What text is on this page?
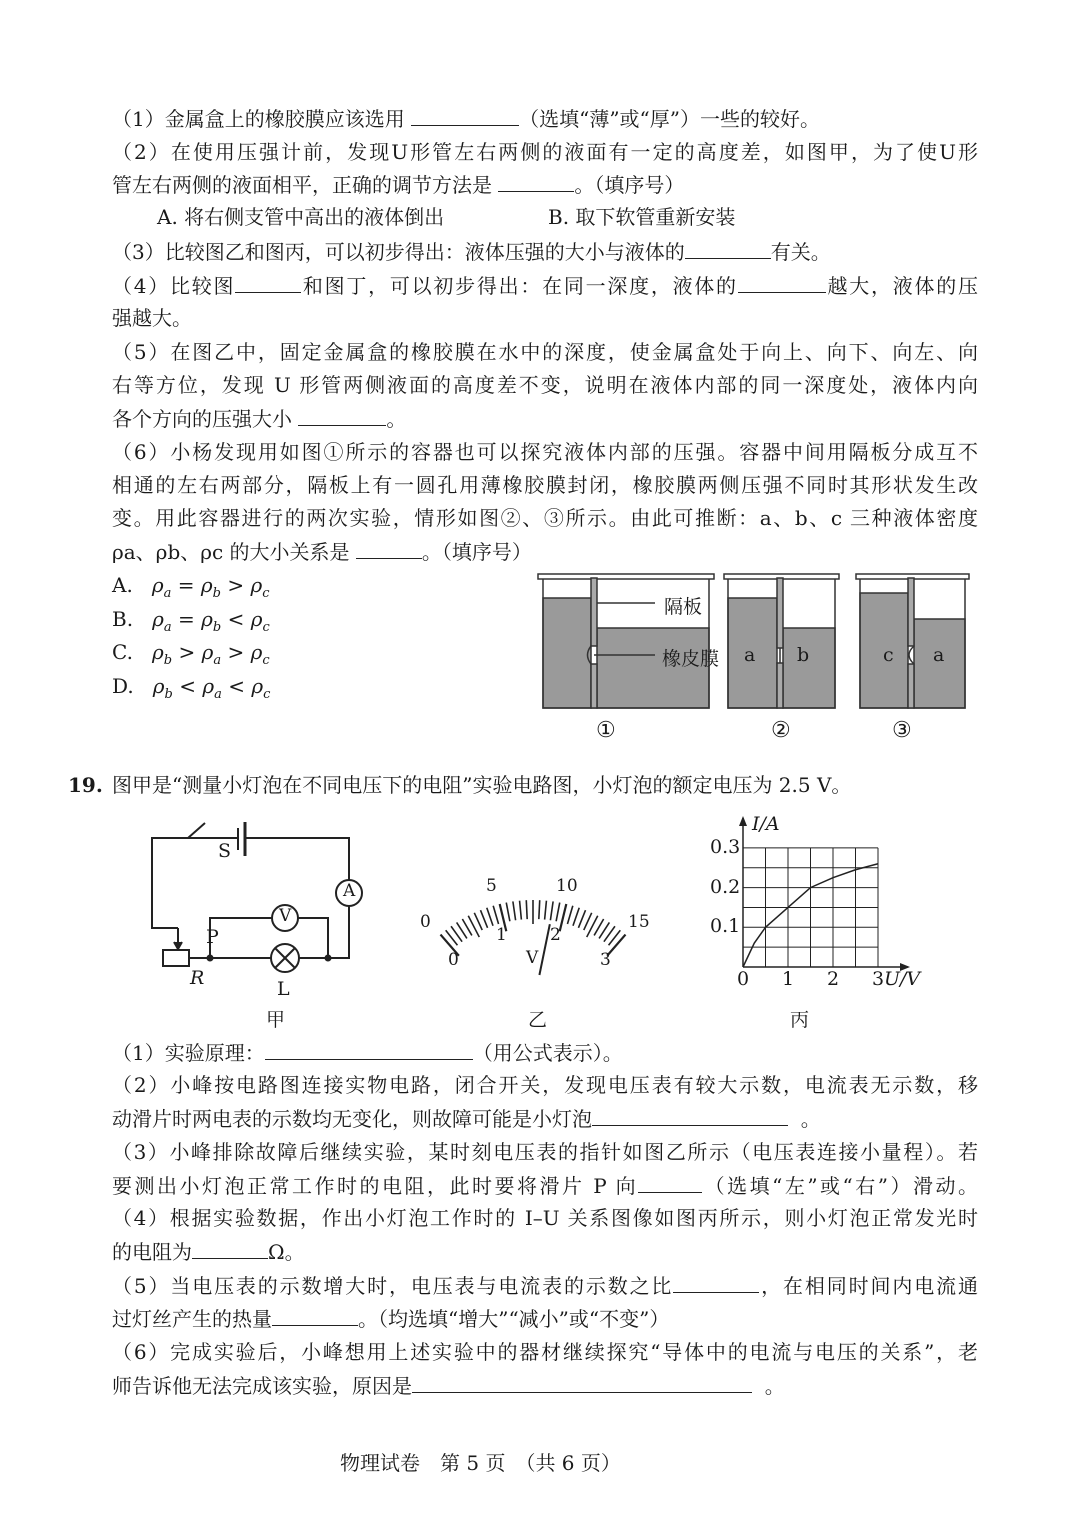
（1）金属盒上的橡胶膜应该选用	（选填“薄”或“厚”）一些的较好。
（2）在使用压强计前，发现U形管左右两侧的液面有一定的高度差，如图甲，为了使U形
管左右两侧的液面相平，正确的调节方法是	。（填序号）
A. 将右侧支管中高出的液体倒出	B. 取下软管重新安装
（3）比较图乙和图丙，可以初步得出：液体压强的大小与液体的	有关。
（4）比较图	和图丁，可以初步得出：在同一深度，液体的	越大，液体的压
强越大。
（5）在图乙中，固定金属盒的橡胶膜在水中的深度，使金属盒处于向上、向下、向左、向
右等方位，发现 U 形管两侧液面的高度差不变，说明在液体内部的同一深度处，液体内向
各个方向的压强大小	。
（6）小杨发现用如图①所示的容器也可以探究液体内部的压强。容器中间用隔板分成互不
相通的左右两部分，隔板上有一圆孔用薄橡胶膜封闭，橡胶膜两侧压强不同时其形状发生改
变。用此容器进行的两次实验，情形如图②、③所示。由此可推断：a、b、c 三种液体密度
ρa、ρb、ρc 的大小关系是	。（填序号）
A. $\rho_a = \rho_b > \rho_c$
B. $\rho_a = \rho_b < \rho_c$
C. $\rho_b > \rho_a > \rho_c$
D. $\rho_b < \rho_a < \rho_c$
隔板
橡皮膜 a b	c a
①	②	③
19. 图甲是“测量小灯泡在不同电压下的电阻”实验电路图，小灯泡的额定电压为 2.5 V。
S
A
V
P
R	L
甲
0
5	10
15
0
1	2
3
V
乙
0.1
0.2
0.3
0 1 2 3
I/A
U/V
丙
（1）实验原理：	（用公式表示）。
（2）小峰按电路图连接实物电路，闭合开关，发现电压表有较大示数，电流表无示数，移
动滑片时两电表的示数均无变化，则故障可能是小灯泡	。
（3）小峰排除故障后继续实验，某时刻电压表的指针如图乙所示（电压表连接小量程）。若
要测出小灯泡正常工作时的电阻，此时要将滑片 P 向	（选填“左”或“右”）滑动。
（4）根据实验数据，作出小灯泡工作时的 I–U 关系图像如图丙所示，则小灯泡正常发光时
的电阻为	Ω。
（5）当电压表的示数增大时，电压表与电流表的示数之比	，在相同时间内电流通
过灯丝产生的热量	。（均选填“增大”“减小”或“不变”）
（6）完成实验后，小峰想用上述实验中的器材继续探究“导体中的电流与电压的关系”，老
师告诉他无法完成该实验，原因是	。
物理试卷　第 5 页　（共 6 页）
